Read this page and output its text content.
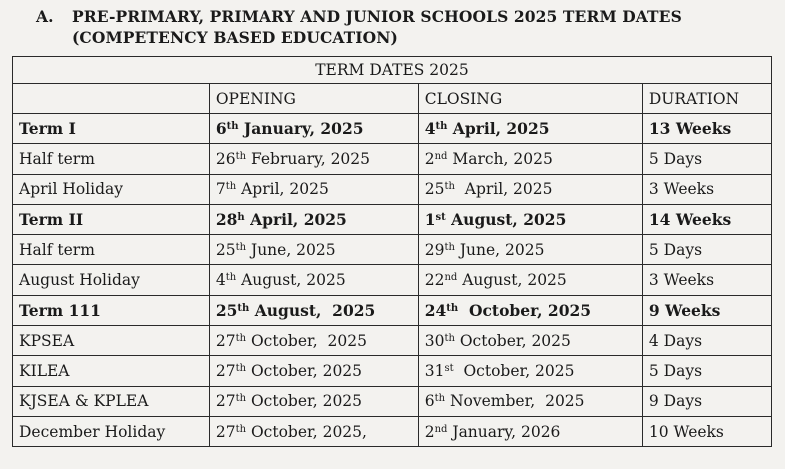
A. PRE-PRIMARY, PRIMARY AND JUNIOR SCHOOLS 2025 TERM DATES (COMPETENCY BASED EDUCATION)
TERM DATES 2025			
	OPENING	CLOSING	DURATION
Term I	6th January, 2025	4th April, 2025	13 Weeks
Half term	26th February, 2025	2nd March, 2025	5 Days
April Holiday	7th April, 2025	25th  April, 2025	3 Weeks
Term II	28$^h$ April, 2025	1st August, 2025	14 Weeks
Half term	25th June, 2025	29th June, 2025	5 Days
August Holiday	4th August, 2025	22nd August, 2025	3 Weeks
Term 111	25th August,  2025	24th  October, 2025	9 Weeks
KPSEA	27th October,  2025	30th October, 2025	4 Days
KILEA	27th October, 2025	31st  October, 2025	5 Days
KJSEA & KPLEA	27th October, 2025	6th November,  2025	9 Days
December Holiday	27th October, 2025,	2nd January, 2026	10 Weeks
